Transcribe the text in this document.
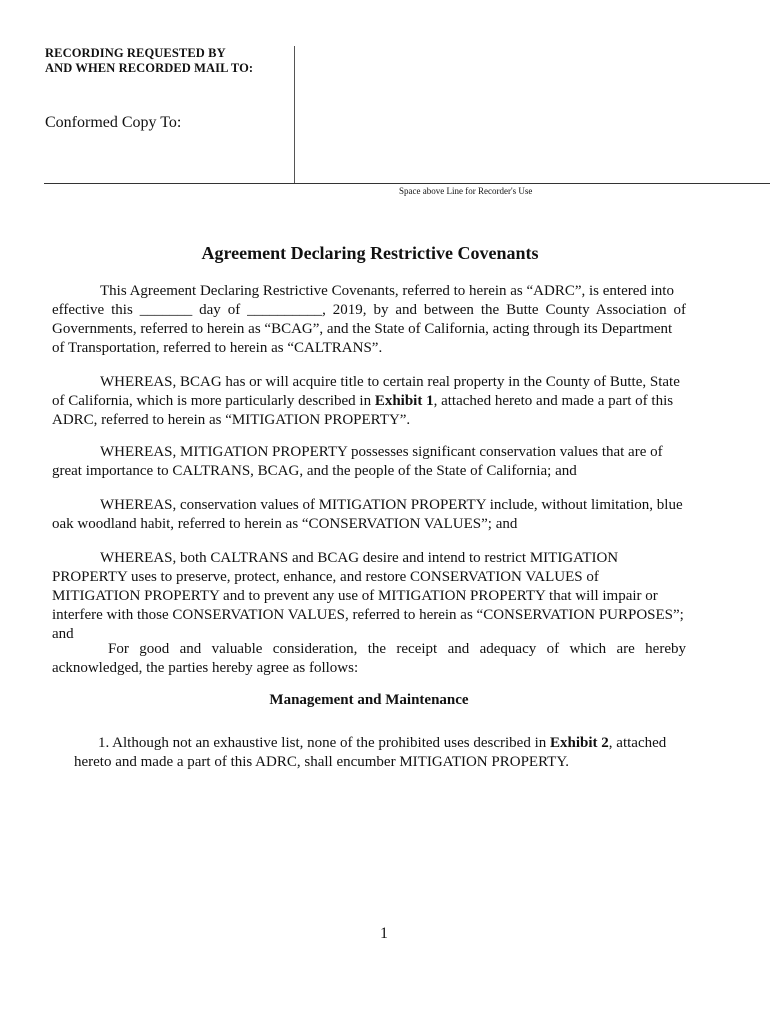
RECORDING REQUESTED BY
AND WHEN RECORDED MAIL TO:
Conformed Copy To:
Space above Line for Recorder's Use
Agreement Declaring Restrictive Covenants
This Agreement Declaring Restrictive Covenants, referred to herein as “ADRC”, is entered into
effective this _______ day of __________, 2019, by and between the Butte County Association of
Governments, referred to herein as “BCAG”, and the State of California, acting through its Department
of Transportation, referred to herein as “CALTRANS”.
WHEREAS, BCAG has or will acquire title to certain real property in the County of Butte, State of California, which is more particularly described in Exhibit 1, attached hereto and made a part of this ADRC, referred to herein as “MITIGATION PROPERTY”.
WHEREAS, MITIGATION PROPERTY possesses significant conservation values that are of great importance to CALTRANS, BCAG, and the people of the State of California; and
WHEREAS, conservation values of MITIGATION PROPERTY include, without limitation, blue oak woodland habit, referred to herein as “CONSERVATION VALUES”; and
WHEREAS, both CALTRANS and BCAG desire and intend to restrict MITIGATION PROPERTY uses to preserve, protect, enhance, and restore CONSERVATION VALUES of MITIGATION PROPERTY and to prevent any use of MITIGATION PROPERTY that will impair or interfere with those CONSERVATION VALUES, referred to herein as “CONSERVATION PURPOSES”; and
For good and valuable consideration, the receipt and adequacy of which are hereby acknowledged, the parties hereby agree as follows:
Management and Maintenance
1. Although not an exhaustive list, none of the prohibited uses described in Exhibit 2, attached hereto and made a part of this ADRC, shall encumber MITIGATION PROPERTY.
1
